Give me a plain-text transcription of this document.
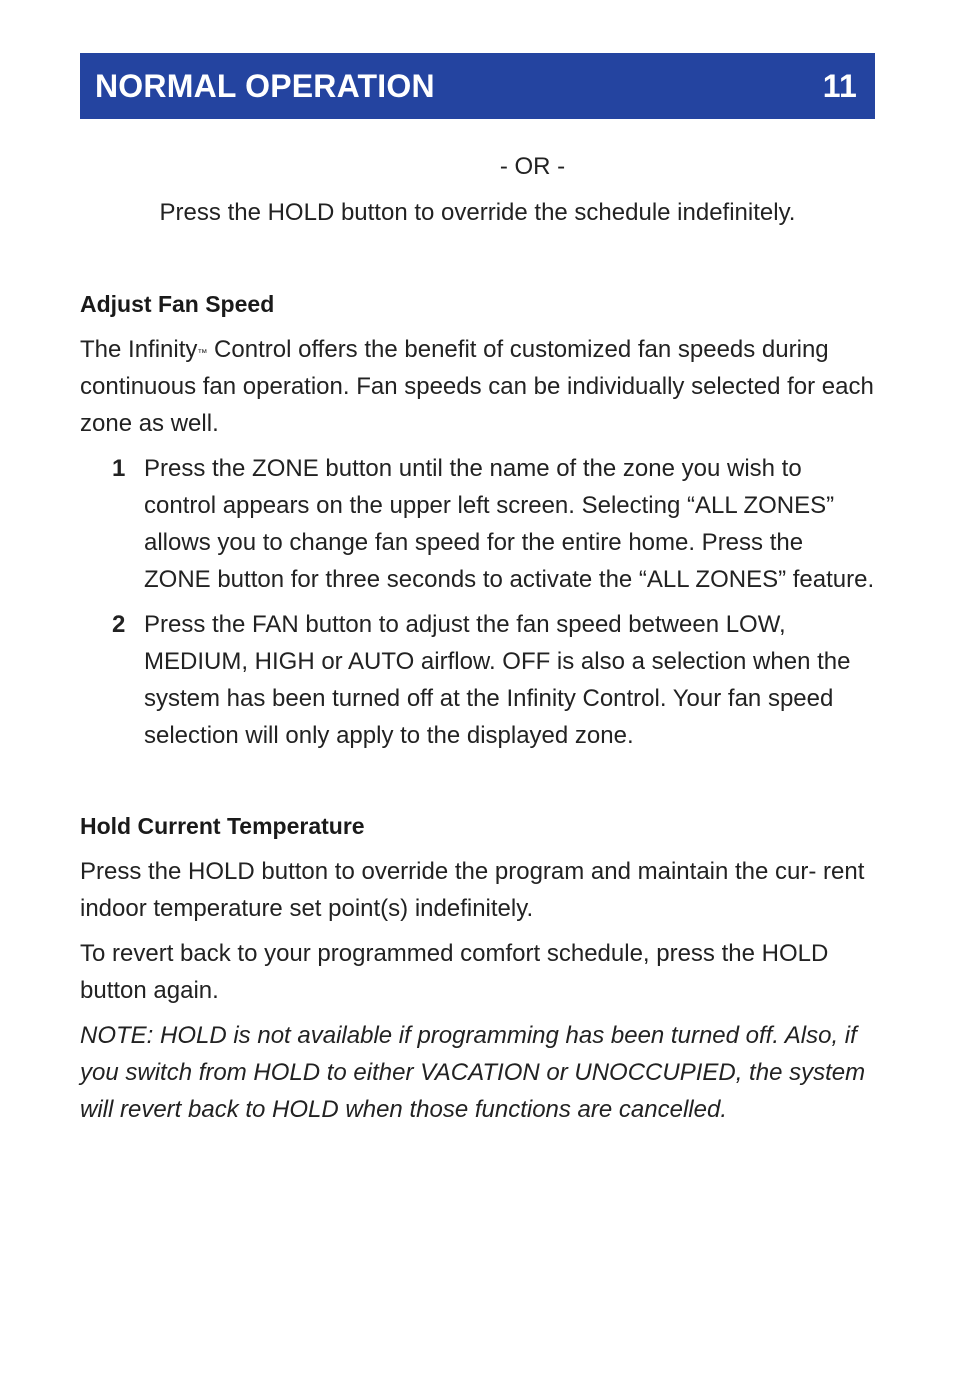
NORMAL OPERATION	11

- OR -

Press the HOLD button to override the schedule indefinitely.

Adjust Fan Speed

The Infinity™ Control offers the benefit of customized fan speeds during continuous fan operation. Fan speeds can be individually selected for each zone as well.

1 Press the ZONE button until the name of the zone you wish to control appears on the upper left screen. Selecting “ALL ZONES” allows you to change fan speed for the entire home. Press the ZONE button for three seconds to activate the “ALL ZONES” feature.
2 Press the FAN button to adjust the fan speed between LOW, MEDIUM, HIGH or AUTO airflow. OFF is also a selection when the system has been turned off at the Infinity Control. Your fan speed selection will only apply to the displayed zone.
Hold Current Temperature

Press the HOLD button to override the program and maintain the cur- rent indoor temperature set point(s) indefinitely.

To revert back to your programmed comfort schedule, press the HOLD button again.

NOTE: HOLD is not available if programming has been turned off. Also, if you switch from HOLD to either VACATION or UNOCCUPIED, the system will revert back to HOLD when those functions are cancelled.
